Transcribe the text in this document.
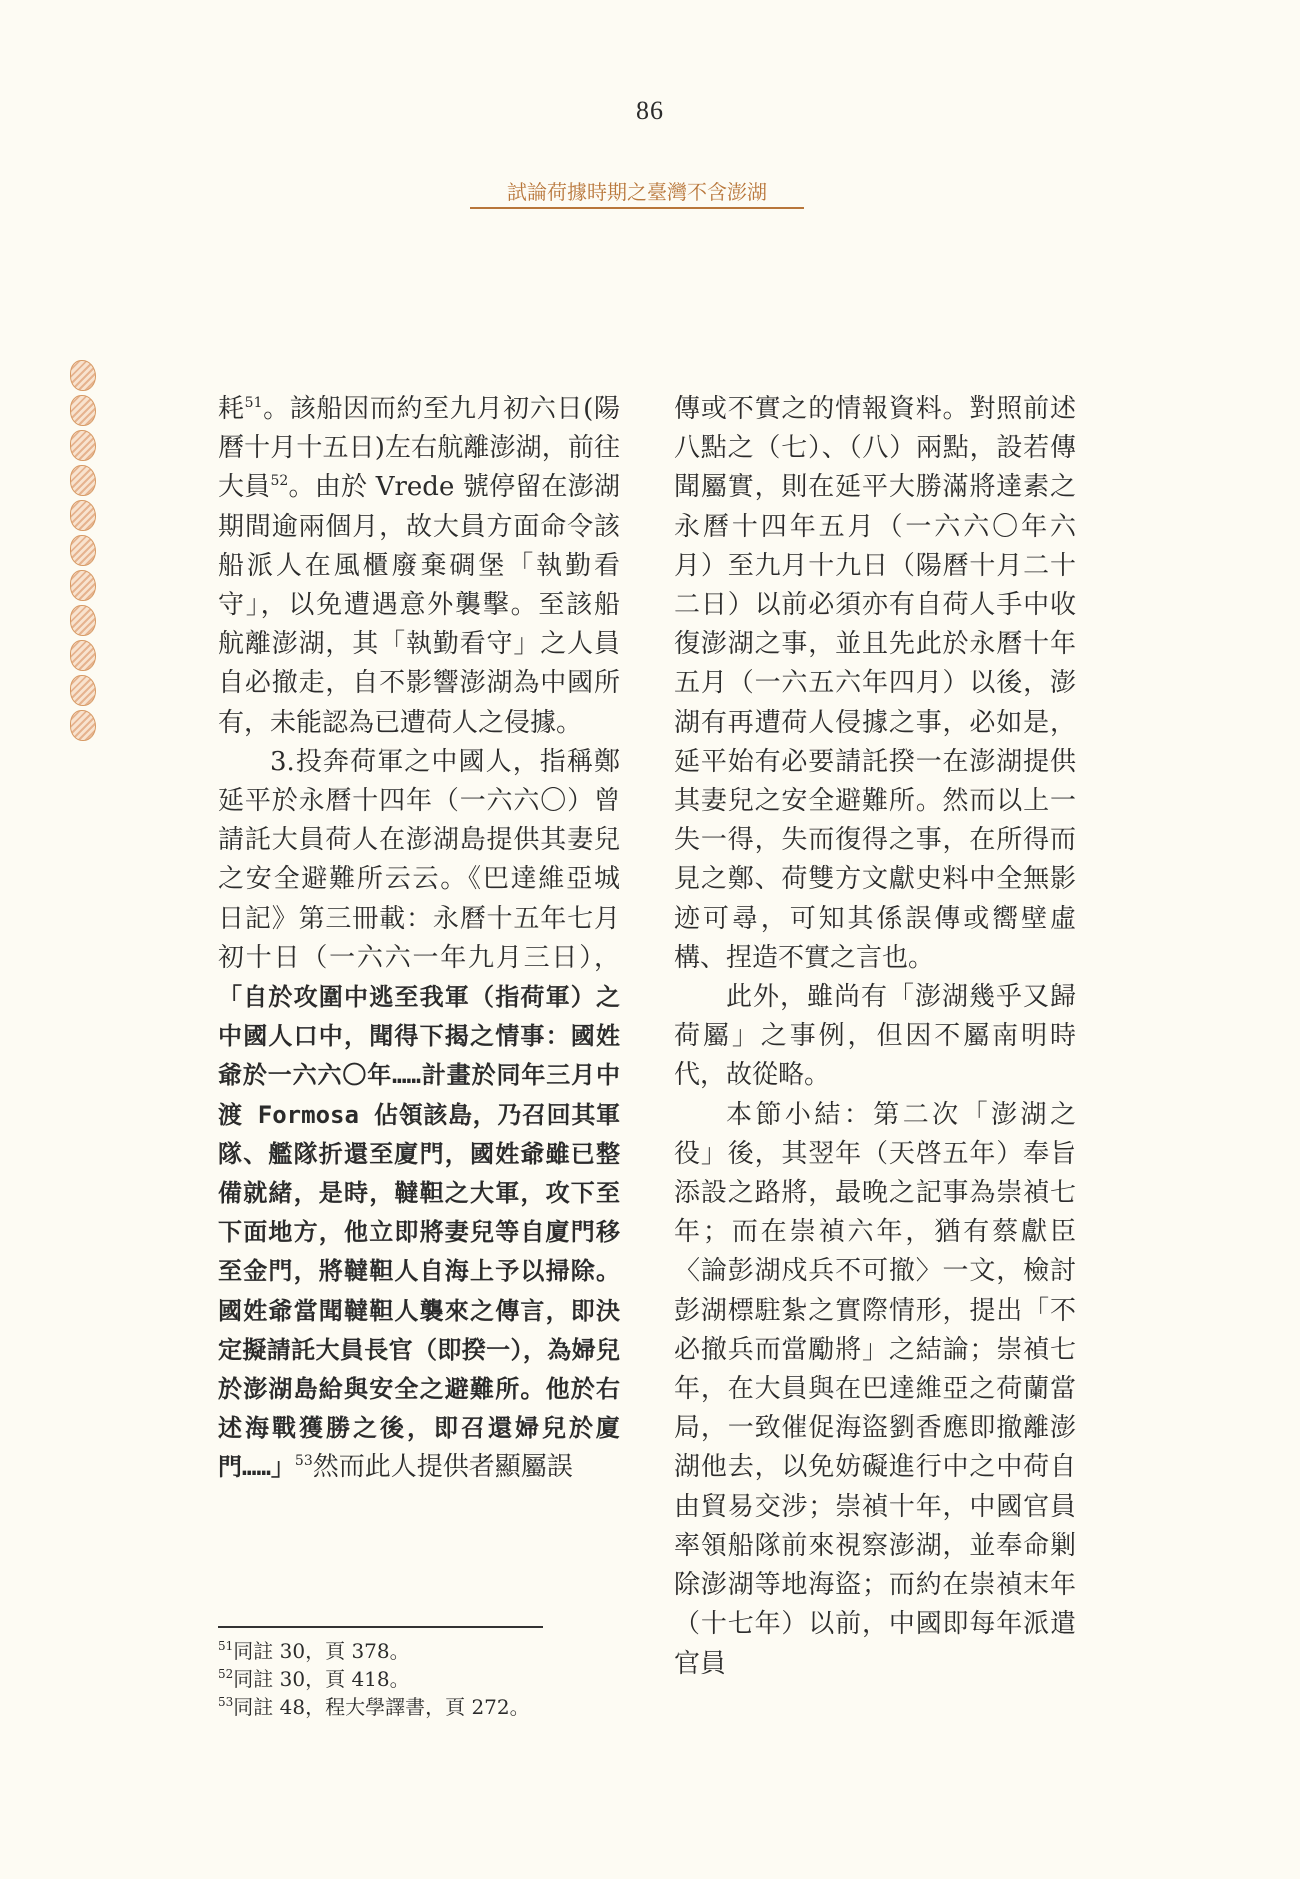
86
試論荷據時期之臺灣不含澎湖

耗$^{51}$。該船因而約至九月初六日(陽曆十月十五日)左右航離澎湖，前往大員$^{52}$。由於 Vrede 號停留在澎湖期間逾兩個月，故大員方面命令該船派人在風櫃廢棄碉堡「執勤看守」，以免遭遇意外襲擊。至該船航離澎湖，其「執勤看守」之人員自必撤走，自不影響澎湖為中國所有，未能認為已遭荷人之侵據。

3.投奔荷軍之中國人，指稱鄭延平於永曆十四年（一六六〇）曾請託大員荷人在澎湖島提供其妻兒之安全避難所云云。《巴達維亞城日記》第三冊載：永曆十五年七月初十日（一六六一年九月三日），「自於攻圍中逃至我軍（指荷軍）之中國人口中，聞得下揭之情事：國姓爺於一六六〇年……計畫於同年三月中渡 Formosa 佔領該島，乃召回其軍隊、艦隊折還至廈門，國姓爺雖已整備就緒，是時，韃靼之大軍，攻下至下面地方，他立即將妻兒等自廈門移至金門，將韃靼人自海上予以掃除。國姓爺當聞韃靼人襲來之傳言，即決定擬請託大員長官（即揆一），為婦兒於澎湖島給與安全之避難所。他於右述海戰獲勝之後，即召還婦兒於廈門……」$^{53}$然而此人提供者顯屬誤

傳或不實之的情報資料。對照前述八點之（七）、（八）兩點，設若傳聞屬實，則在延平大勝滿將達素之永曆十四年五月（一六六〇年六月）至九月十九日（陽曆十月二十二日）以前必須亦有自荷人手中收復澎湖之事，並且先此於永曆十年五月（一六五六年四月）以後，澎湖有再遭荷人侵據之事，必如是，延平始有必要請託揆一在澎湖提供其妻兒之安全避難所。然而以上一失一得，失而復得之事，在所得而見之鄭、荷雙方文獻史料中全無影迹可尋，可知其係誤傳或嚮壁虛構、捏造不實之言也。

此外，雖尚有「澎湖幾乎又歸荷屬」之事例，但因不屬南明時代，故從略。

本節小結：第二次「澎湖之役」後，其翌年（天啓五年）奉旨添設之路將，最晚之記事為崇禎七年；而在崇禎六年，猶有蔡獻臣〈論彭湖戍兵不可撤〉一文，檢討彭湖標駐紮之實際情形，提出「不必撤兵而當勵將」之結論；崇禎七年，在大員與在巴達維亞之荷蘭當局，一致催促海盜劉香應即撤離澎湖他去，以免妨礙進行中之中荷自由貿易交涉；崇禎十年，中國官員率領船隊前來視察澎湖，並奉命剿除澎湖等地海盜；而約在崇禎末年（十七年）以前，中國即每年派遣官員

$^{51}$同註 30，頁 378。
$^{52}$同註 30，頁 418。
$^{53}$同註 48，程大學譯書，頁 272。
